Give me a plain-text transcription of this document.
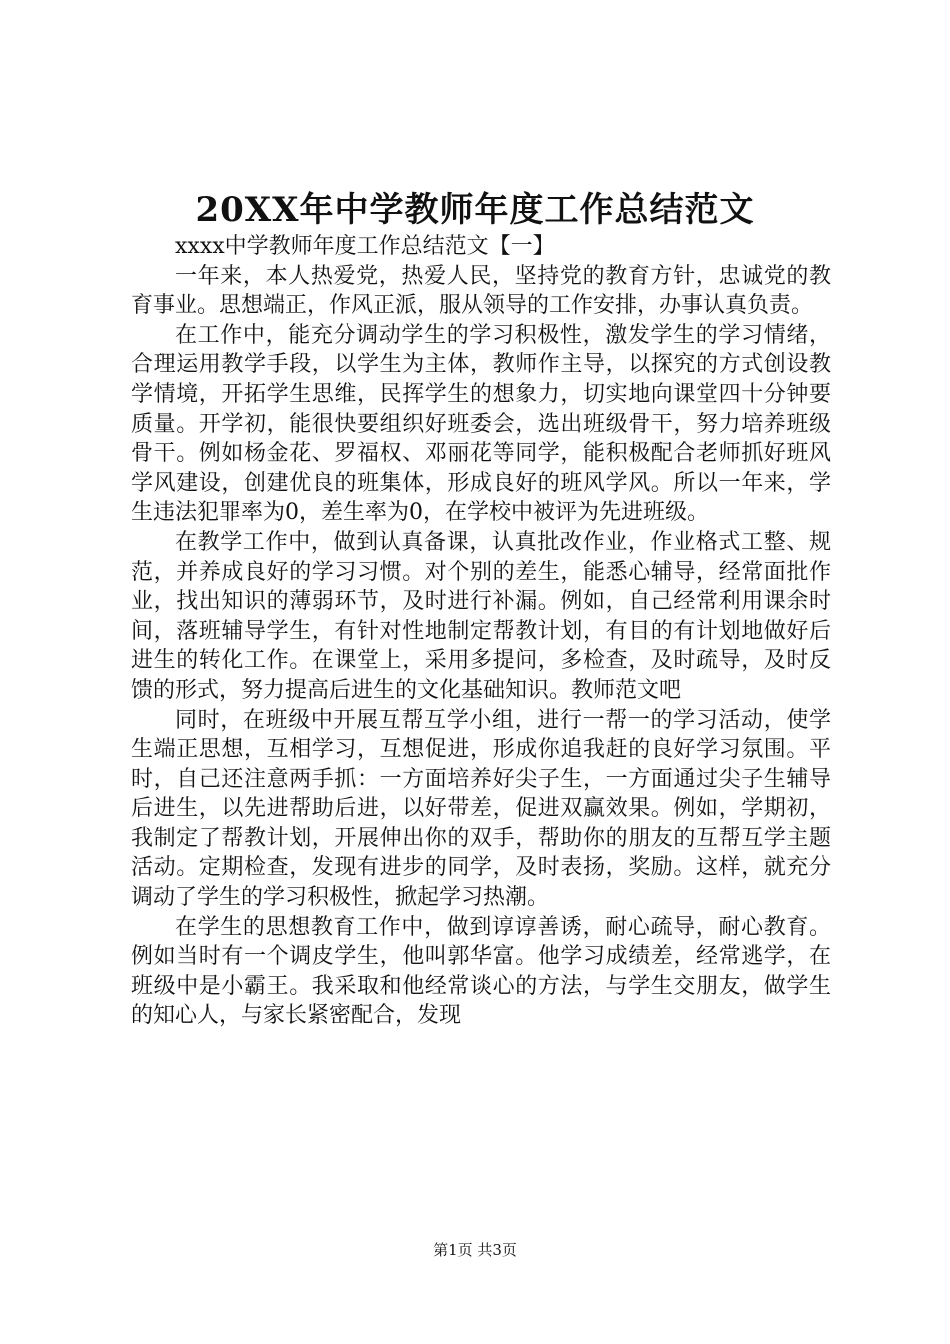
20XX年中学教师年度工作总结范文

xxxx中学教师年度工作总结范文【一】

一年来，本人热爱党，热爱人民，坚持党的教育方针，忠诚党的教育事业。思想端正，作风正派，服从领导的工作安排，办事认真负责。

在工作中，能充分调动学生的学习积极性，激发学生的学习情绪，合理运用教学手段，以学生为主体，教师作主导，以探究的方式创设教学情境，开拓学生思维，民挥学生的想象力，切实地向课堂四十分钟要质量。开学初，能很快要组织好班委会，选出班级骨干，努力培养班级骨干。例如杨金花、罗福权、邓丽花等同学，能积极配合老师抓好班风学风建设，创建优良的班集体，形成良好的班风学风。所以一年来，学生违法犯罪率为0，差生率为0，在学校中被评为先进班级。

在教学工作中，做到认真备课，认真批改作业，作业格式工整、规范，并养成良好的学习习惯。对个别的差生，能悉心辅导，经常面批作业，找出知识的薄弱环节，及时进行补漏。例如，自己经常利用课余时间，落班辅导学生，有针对性地制定帮教计划，有目的有计划地做好后进生的转化工作。在课堂上，采用多提问，多检查，及时疏导，及时反馈的形式，努力提高后进生的文化基础知识。教师范文吧

同时，在班级中开展互帮互学小组，进行一帮一的学习活动，使学生端正思想，互相学习，互想促进，形成你追我赶的良好学习氛围。平时，自己还注意两手抓：一方面培养好尖子生，一方面通过尖子生辅导后进生，以先进帮助后进，以好带差，促进双赢效果。例如，学期初，我制定了帮教计划，开展伸出你的双手，帮助你的朋友的互帮互学主题活动。定期检查，发现有进步的同学，及时表扬，奖励。这样，就充分调动了学生的学习积极性，掀起学习热潮。

在学生的思想教育工作中，做到谆谆善诱，耐心疏导，耐心教育。例如当时有一个调皮学生，他叫郭华富。他学习成绩差，经常逃学，在班级中是小霸王。我采取和他经常谈心的方法，与学生交朋友，做学生的知心人，与家长紧密配合，发现

第1页 共3页
